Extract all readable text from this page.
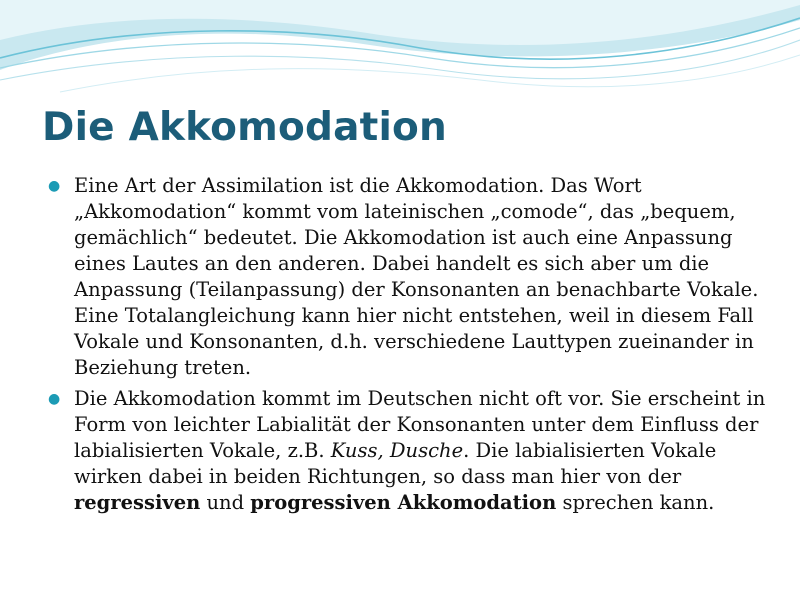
Die Akkomodation
● Eine Art der Assimilation ist die Akkomodation. Das Wort „Akkomodation“ kommt vom lateinischen „comode“, das „bequem, gemächlich“ bedeutet. Die Akkomodation ist auch eine Anpassung eines Lautes an den anderen. Dabei handelt es sich aber um die Anpassung (Teilanpassung) der Konsonanten an benachbarte Vokale. Eine Totalangleichung kann hier nicht entstehen, weil in diesem Fall Vokale und Konsonanten, d.h. verschiedene Lauttypen zueinander in Beziehung treten.
● Die Akkomodation kommt im Deutschen nicht oft vor. Sie erscheint in Form von leichter Labialität der Konsonanten unter dem Einfluss der labialisierten Vokale, z.B. Kuss, Dusche. Die labialisierten Vokale wirken dabei in beiden Richtungen, so dass man hier von der regressiven und progressiven Akkomodation sprechen kann.
